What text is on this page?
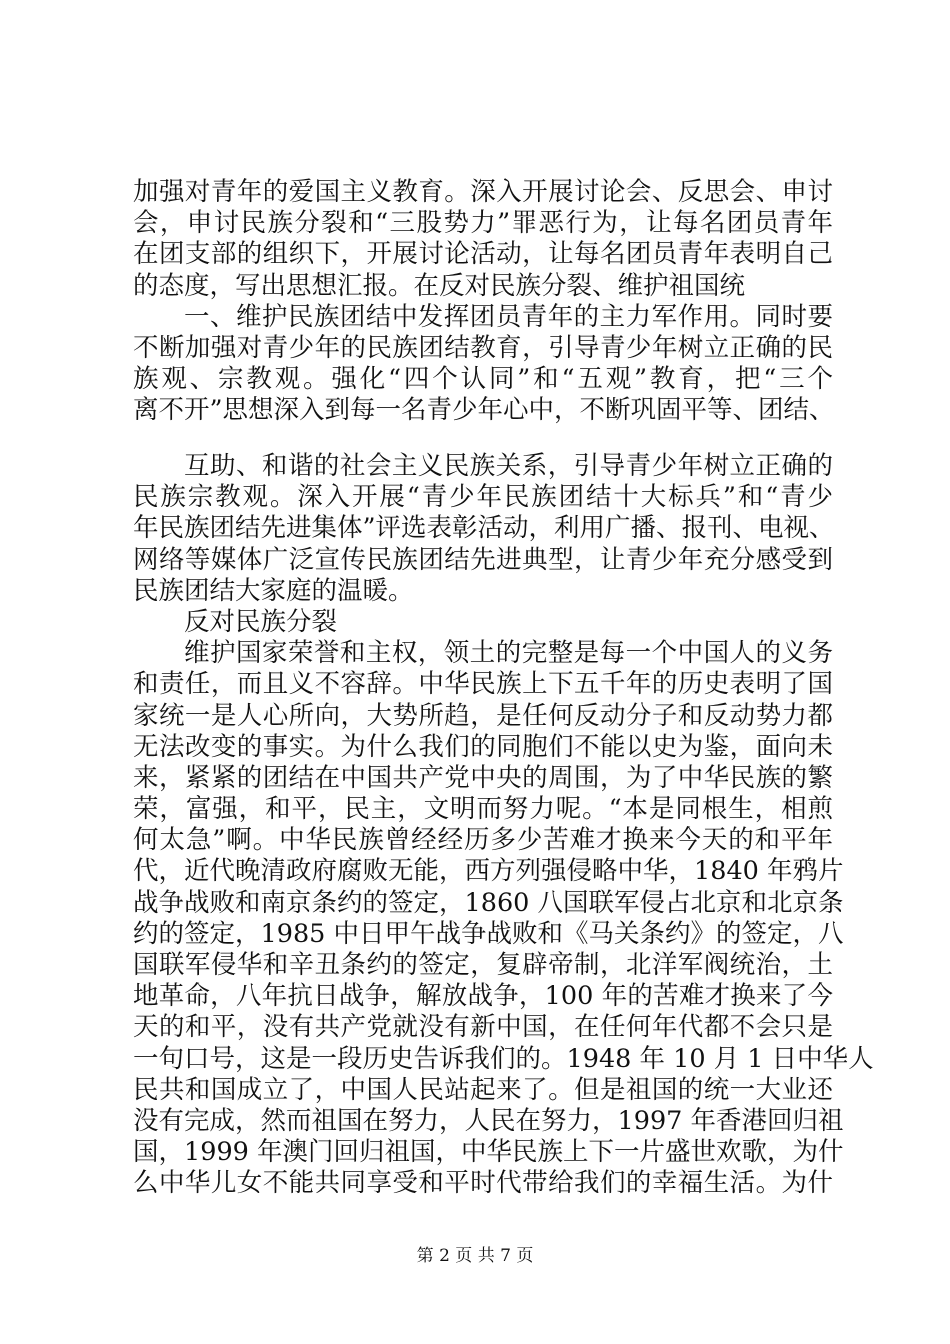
加强对青年的爱国主义教育。深入开展讨论会、反思会、申讨
会，申讨民族分裂和“三股势力”罪恶行为，让每名团员青年
在团支部的组织下，开展讨论活动，让每名团员青年表明自己
的态度，写出思想汇报。在反对民族分裂、维护祖国统
一、维护民族团结中发挥团员青年的主力军作用。同时要
不断加强对青少年的民族团结教育，引导青少年树立正确的民
族观、宗教观。强化“四个认同”和“五观”教育，把“三个
离不开”思想深入到每一名青少年心中，不断巩固平等、团结、
互助、和谐的社会主义民族关系，引导青少年树立正确的
民族宗教观。深入开展“青少年民族团结十大标兵”和“青少
年民族团结先进集体”评选表彰活动，利用广播、报刊、电视、
网络等媒体广泛宣传民族团结先进典型，让青少年充分感受到
民族团结大家庭的温暖。
反对民族分裂
维护国家荣誉和主权，领土的完整是每一个中国人的义务
和责任，而且义不容辞。中华民族上下五千年的历史表明了国
家统一是人心所向，大势所趋，是任何反动分子和反动势力都
无法改变的事实。为什么我们的同胞们不能以史为鉴，面向未
来，紧紧的团结在中国共产党中央的周围，为了中华民族的繁
荣，富强，和平，民主，文明而努力呢。“本是同根生，相煎
何太急”啊。中华民族曾经经历多少苦难才换来今天的和平年
代，近代晚清政府腐败无能，西方列强侵略中华，1840 年鸦片
战争战败和南京条约的签定，1860 八国联军侵占北京和北京条
约的签定，1985 中日甲午战争战败和《马关条约》的签定，八
国联军侵华和辛丑条约的签定，复辟帝制，北洋军阀统治，土
地革命，八年抗日战争，解放战争，100 年的苦难才换来了今
天的和平，没有共产党就没有新中国，在任何年代都不会只是
一句口号，这是一段历史告诉我们的。1948 年 10 月 1 日中华人
民共和国成立了，中国人民站起来了。但是祖国的统一大业还
没有完成，然而祖国在努力，人民在努力，1997 年香港回归祖
国，1999 年澳门回归祖国，中华民族上下一片盛世欢歌，为什
么中华儿女不能共同享受和平时代带给我们的幸福生活。为什
第 2 页 共 7 页
